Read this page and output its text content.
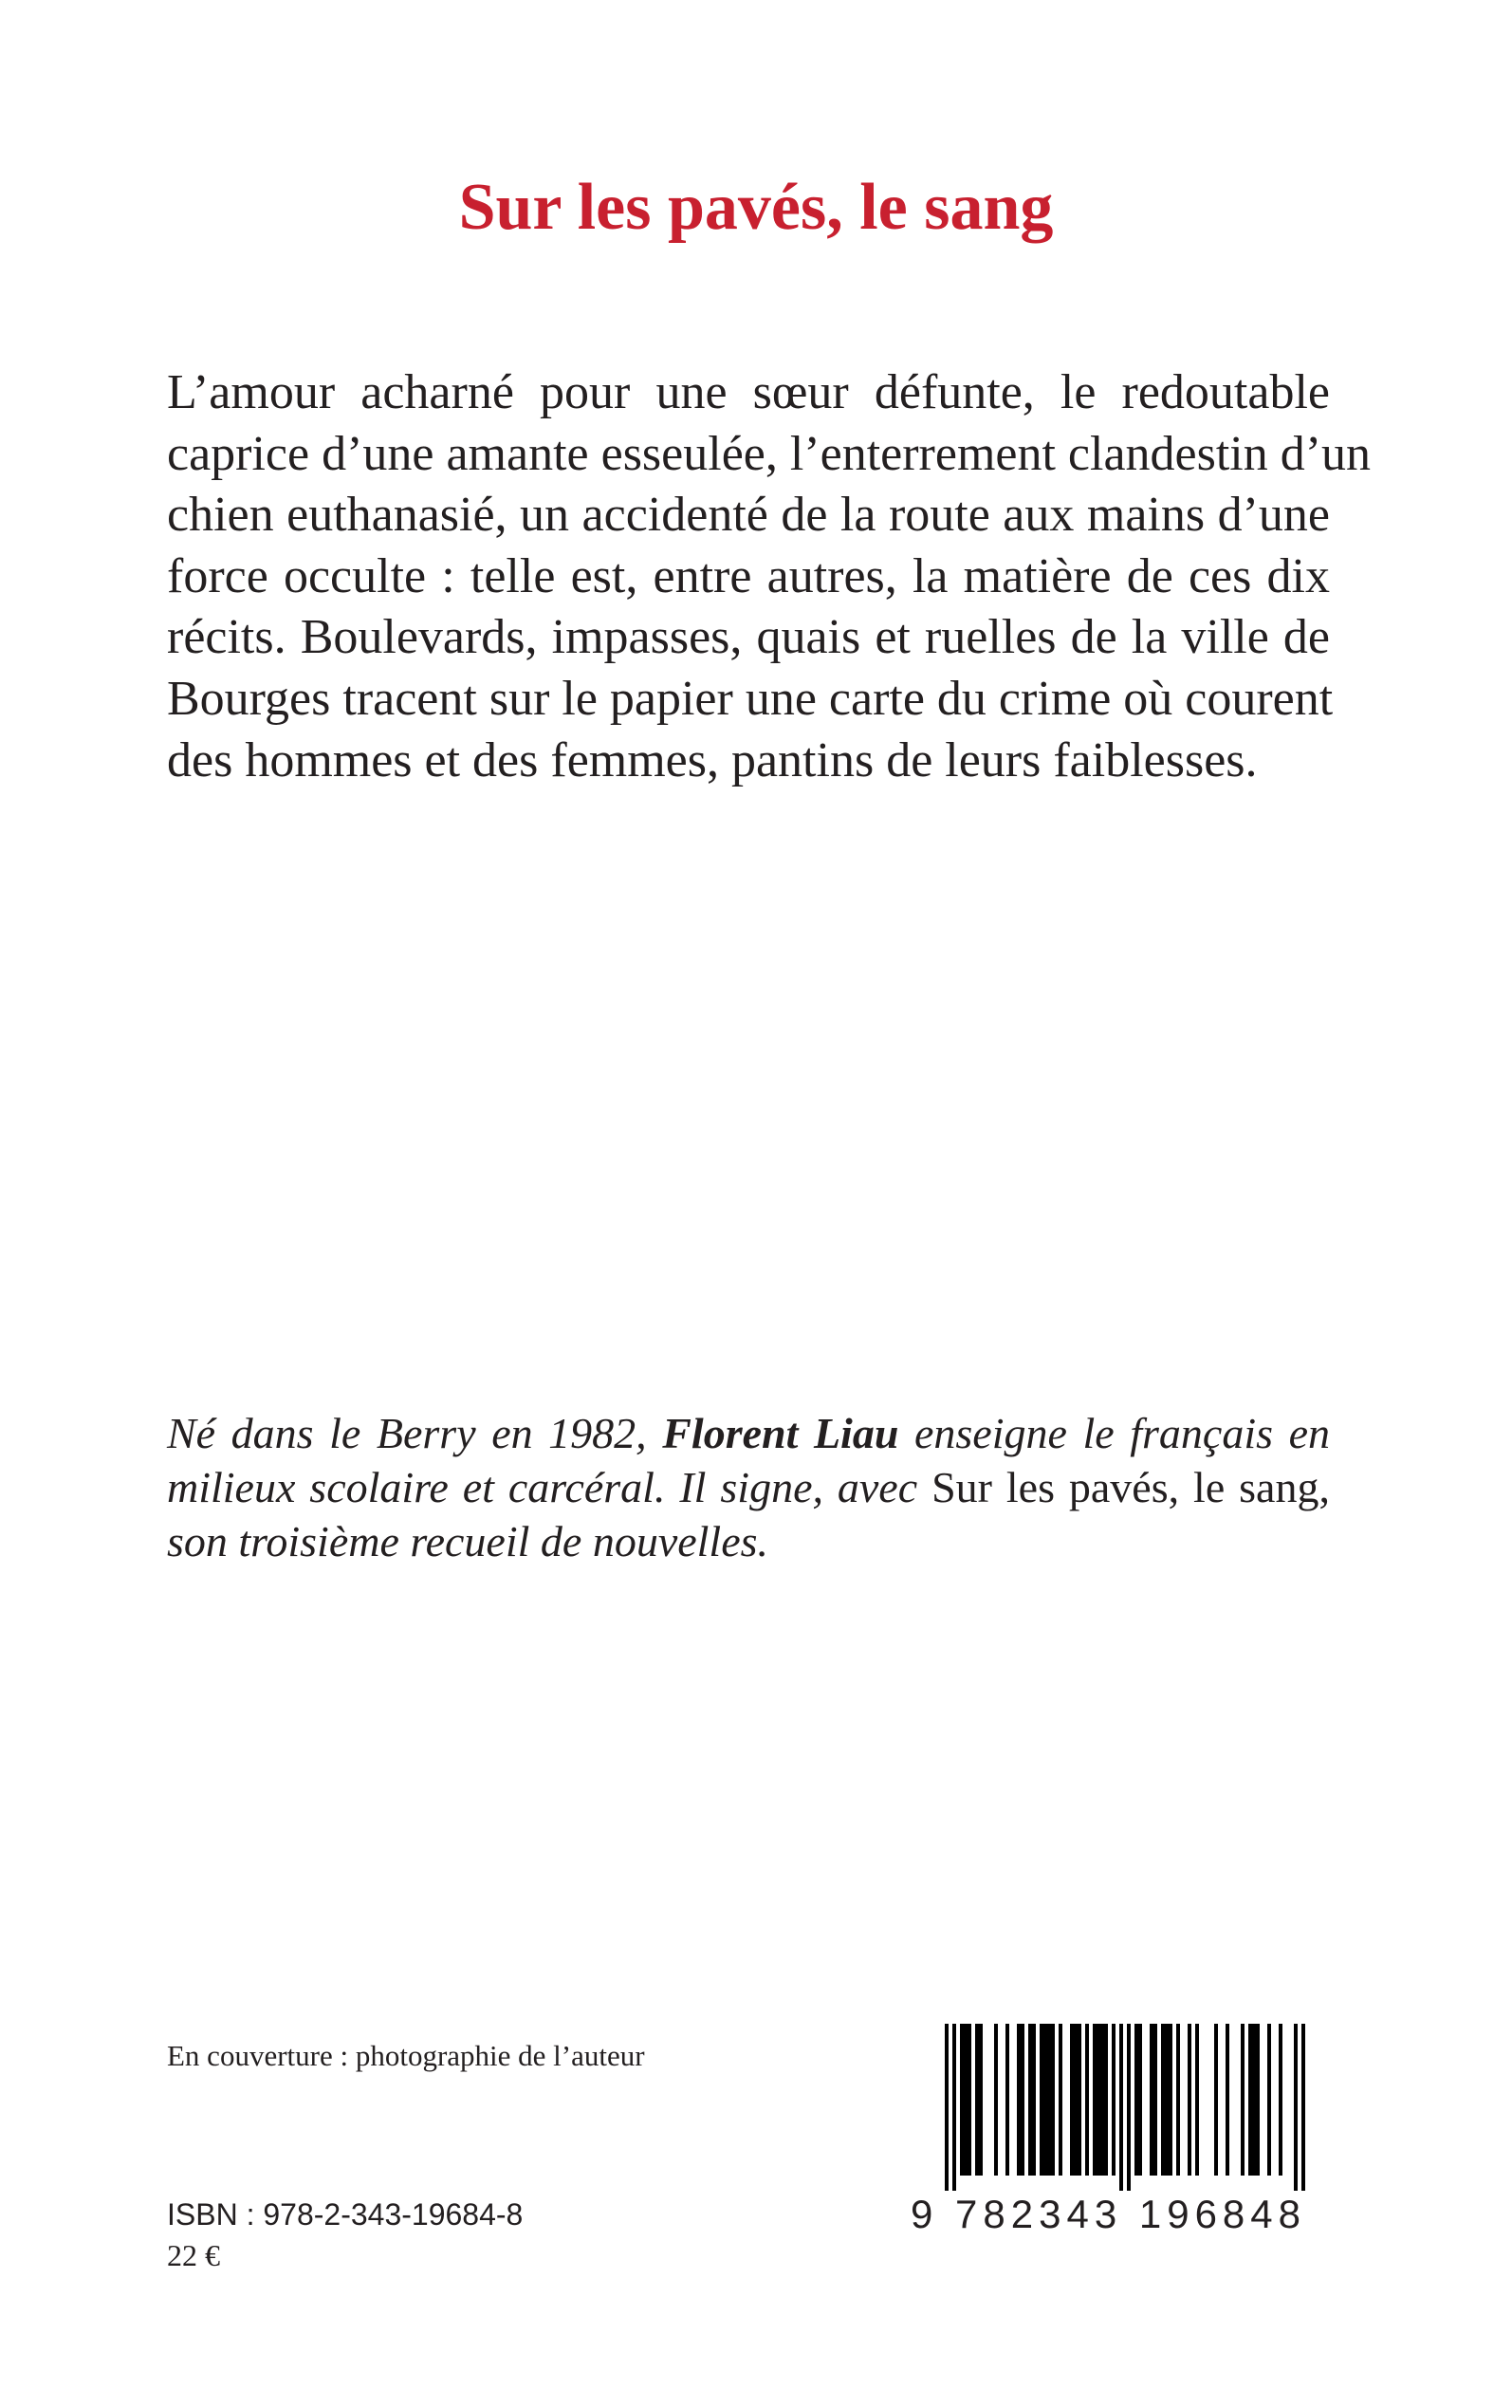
Sur les pavés, le sang
L’amour acharné pour une sœur défunte, le redoutable
caprice d’une amante esseulée, l’enterrement clandestin d’un
chien euthanasié, un accidenté de la route aux mains d’une
force occulte : telle est, entre autres, la matière de ces dix
récits. Boulevards, impasses, quais et ruelles de la ville de
Bourges tracent sur le papier une carte du crime où courent
des hommes et des femmes, pantins de leurs faiblesses.
Né dans le Berry en 1982, Florent Liau enseigne le français en
milieux scolaire et carcéral. Il signe, avec Sur les pavés, le sang,
son troisième recueil de nouvelles.
En couverture : photographie de l’auteur
ISBN : 978-2-343-19684-8
22 €
9 782343 196848
